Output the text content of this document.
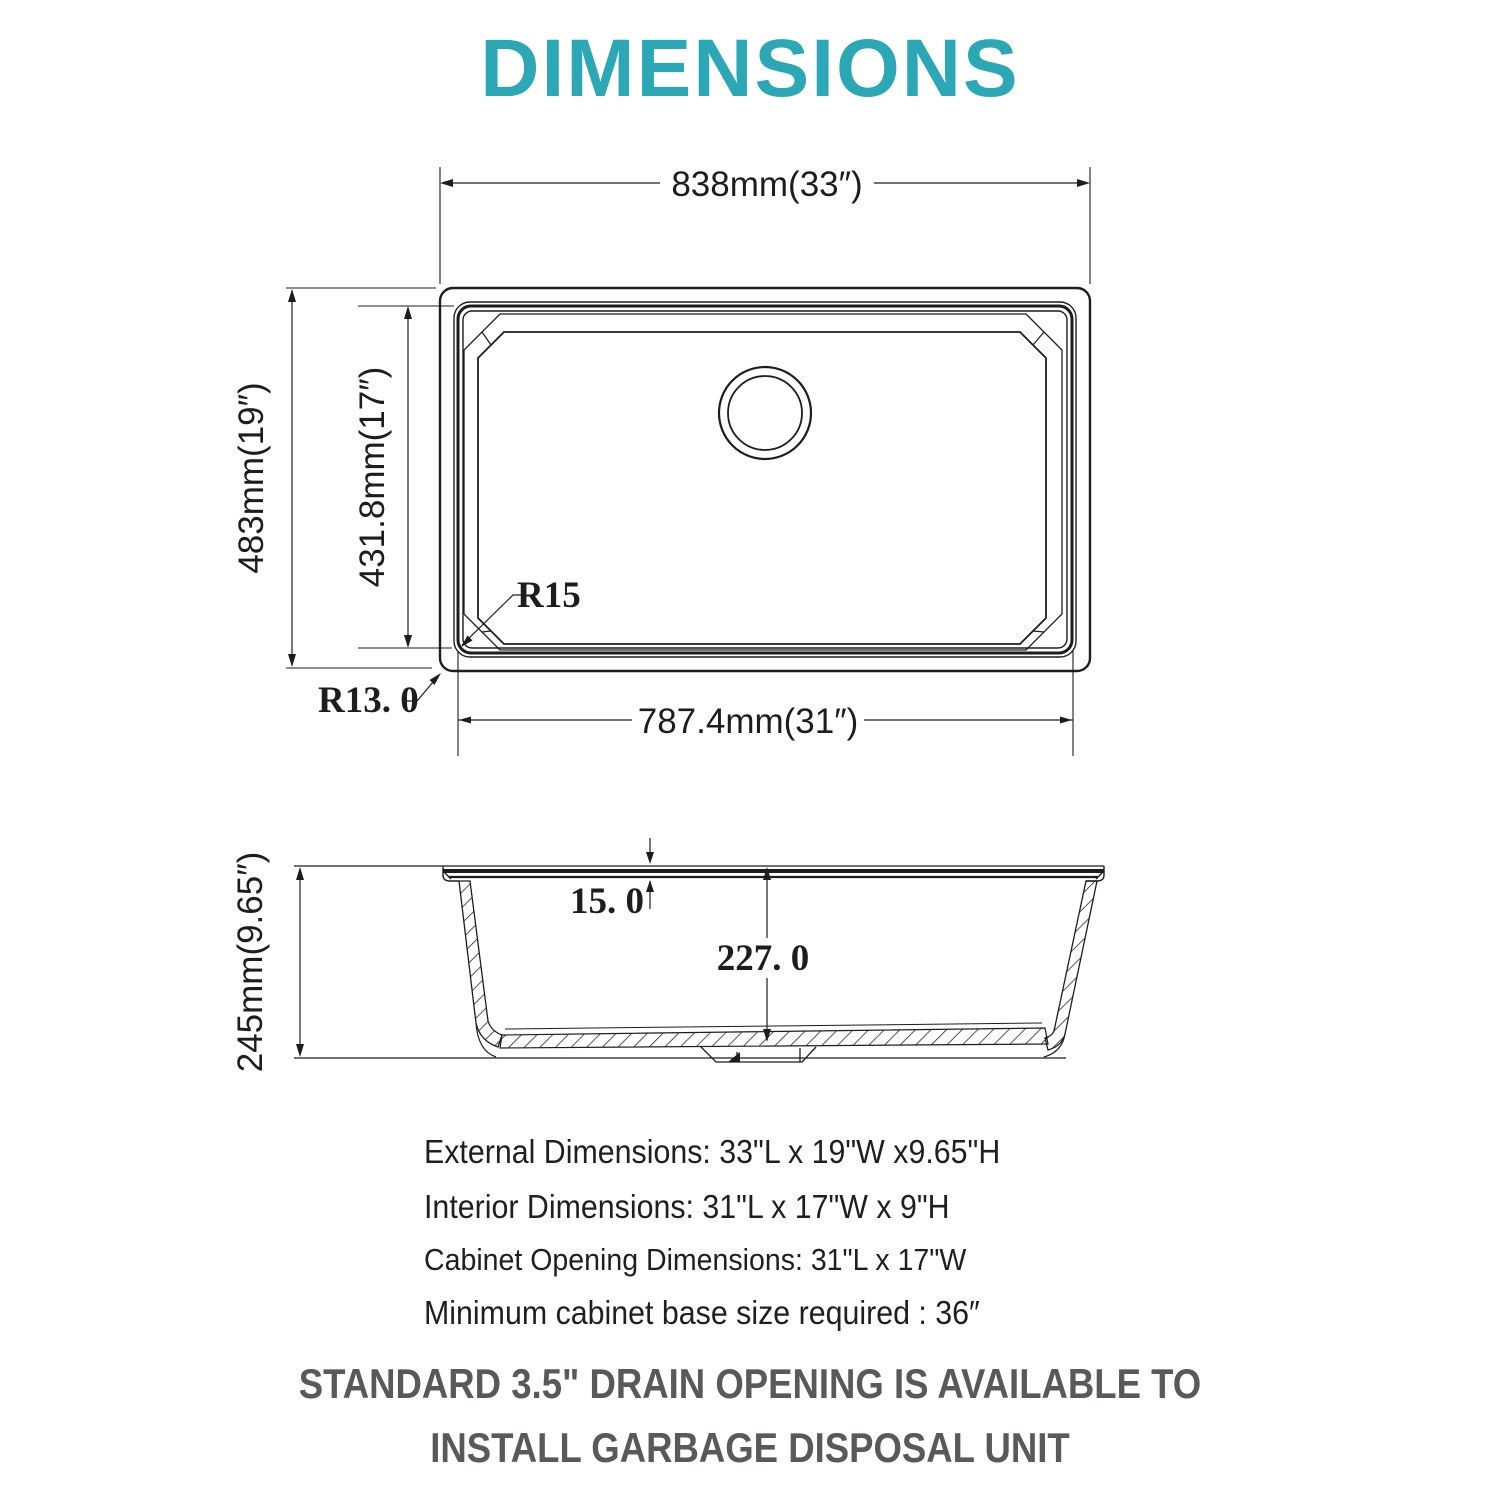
DIMENSIONS
838mm(33″)
483mm(19″) 431.8mm(17″)
787.4mm(31″)
R15
R13. 0
245mm(9.65″)	15. 0
227. 0
External Dimensions: 33"L x 19"W x9.65"H
Interior Dimensions: 31"L x 17"W x 9"H
Cabinet Opening Dimensions: 31"L x 17"W
Minimum cabinet base size required : 36″
STANDARD 3.5" DRAIN OPENING IS AVAILABLE TO
INSTALL GARBAGE DISPOSAL UNIT
